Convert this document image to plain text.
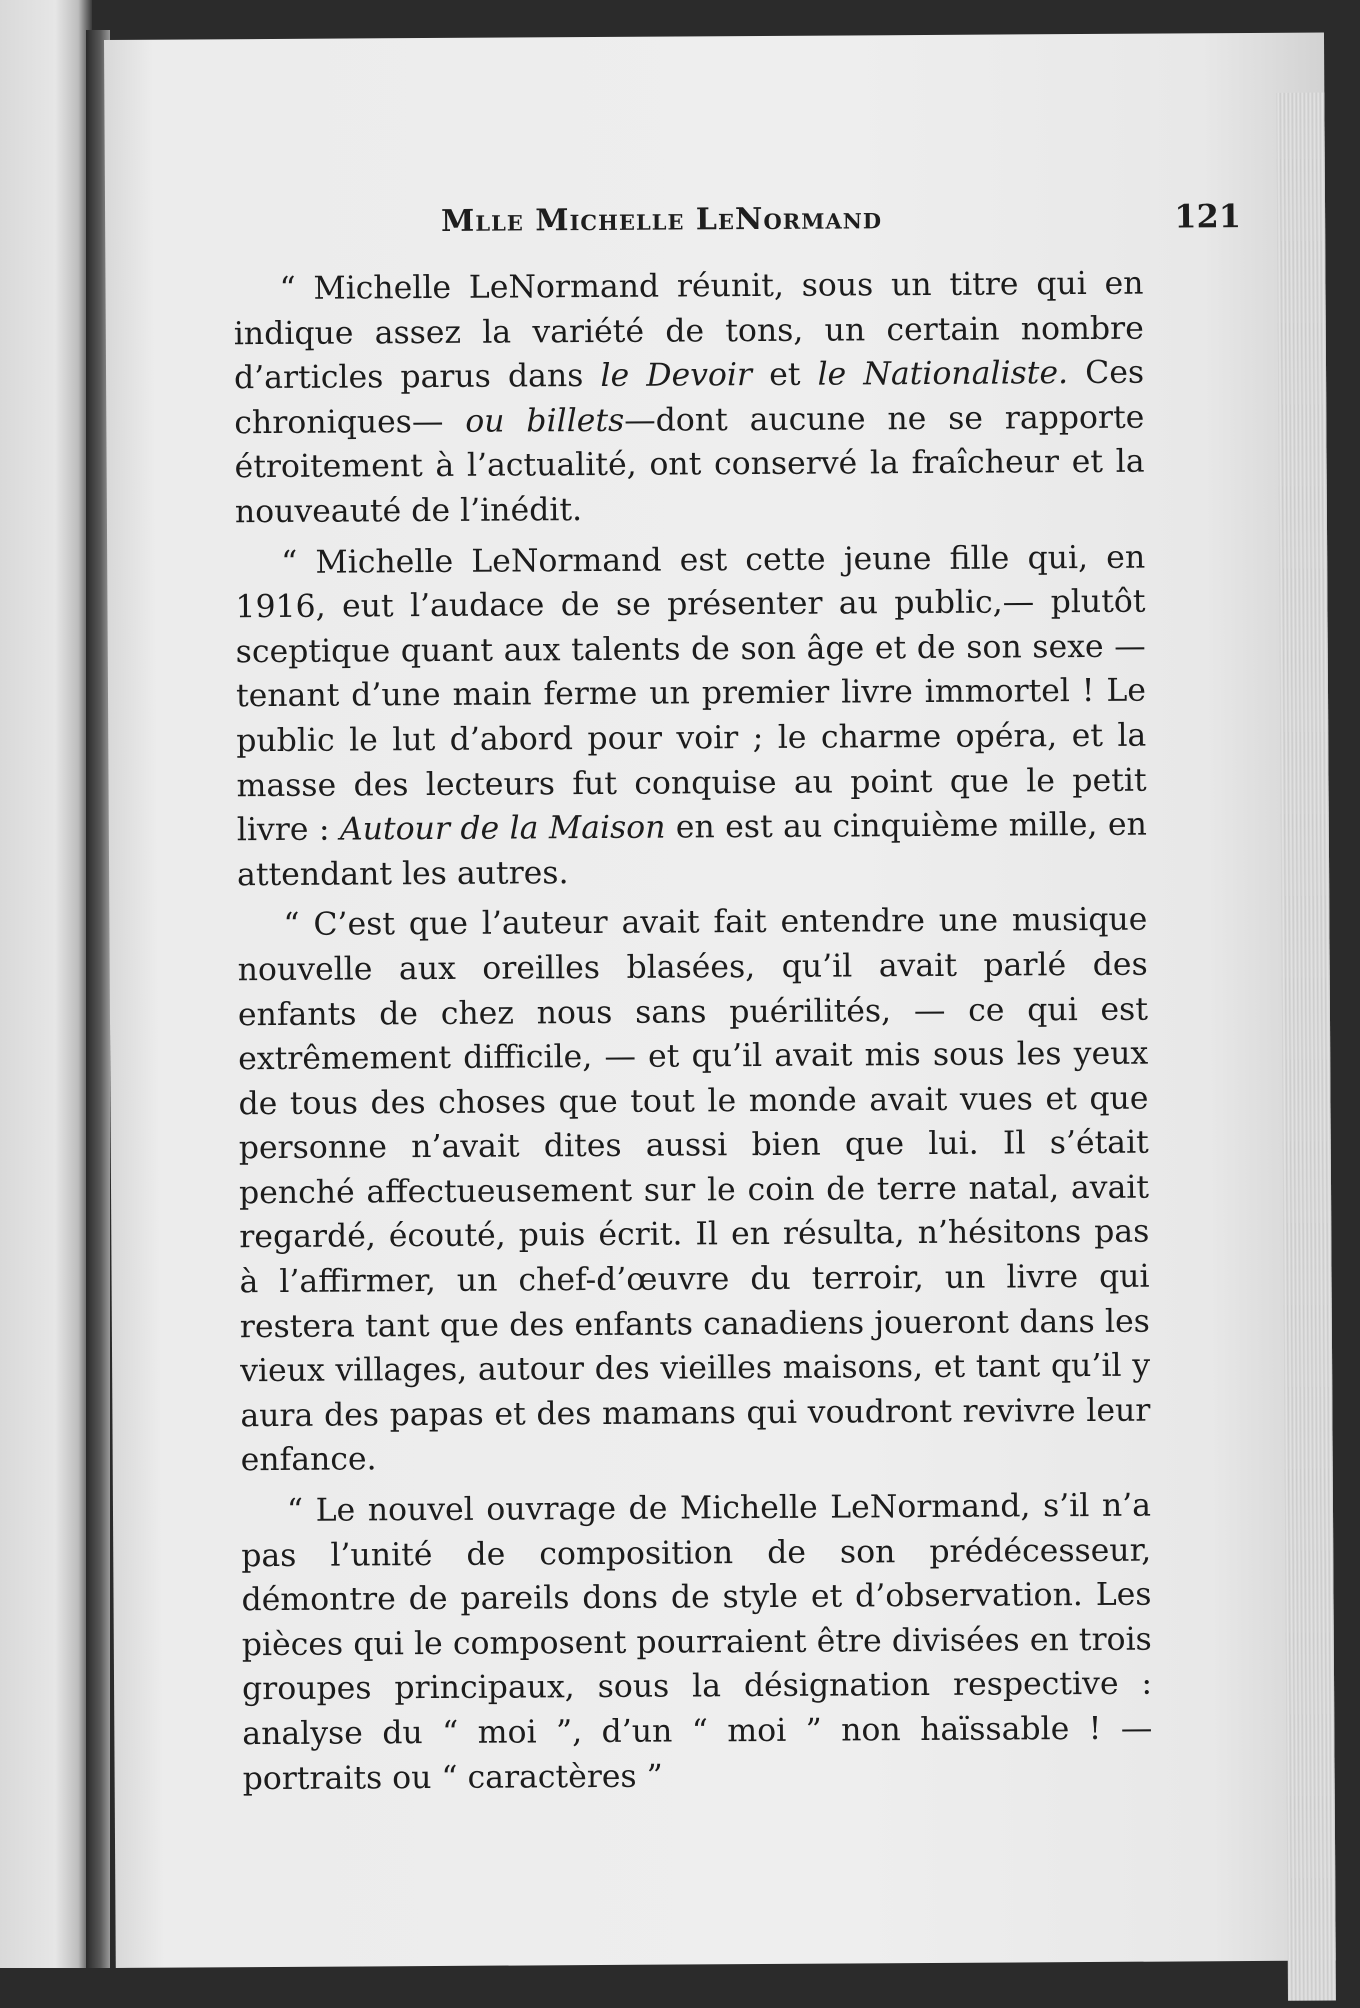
Mlle Michelle LeNormand	121

“ Michelle LeNormand réunit, sous un titre qui en indique assez la variété de tons, un certain nombre d’articles parus dans le Devoir et le Nationaliste. Ces chroniques— ou billets—dont aucune ne se rapporte étroitement à l’actualité, ont conservé la fraîcheur et la nouveauté de l’inédit.

“ Michelle LeNormand est cette jeune fille qui, en 1916, eut l’audace de se présenter au public,— plutôt sceptique quant aux talents de son âge et de son sexe — tenant d’une main ferme un premier livre immortel ! Le public le lut d’abord pour voir ; le charme opéra, et la masse des lecteurs fut conquise au point que le petit livre : Autour de la Maison en est au cinquième mille, en attendant les autres.

“ C’est que l’auteur avait fait entendre une musique nouvelle aux oreilles blasées, qu’il avait parlé des enfants de chez nous sans puérilités, — ce qui est extrêmement difficile, — et qu’il avait mis sous les yeux de tous des choses que tout le monde avait vues et que personne n’avait dites aussi bien que lui. Il s’était penché affectueusement sur le coin de terre natal, avait regardé, écouté, puis écrit. Il en résulta, n’hésitons pas à l’affirmer, un chef-d’œuvre du terroir, un livre qui restera tant que des enfants canadiens joueront dans les vieux villages, autour des vieilles maisons, et tant qu’il y aura des papas et des mamans qui voudront revivre leur enfance.

“ Le nouvel ouvrage de Michelle LeNormand, s’il n’a pas l’unité de composition de son prédécesseur, démontre de pareils dons de style et d’observation. Les pièces qui le composent pourraient être divisées en trois groupes principaux, sous la désignation respective : analyse du “ moi ”, d’un “ moi ” non haïssable ! — portraits ou “ caractères ”
